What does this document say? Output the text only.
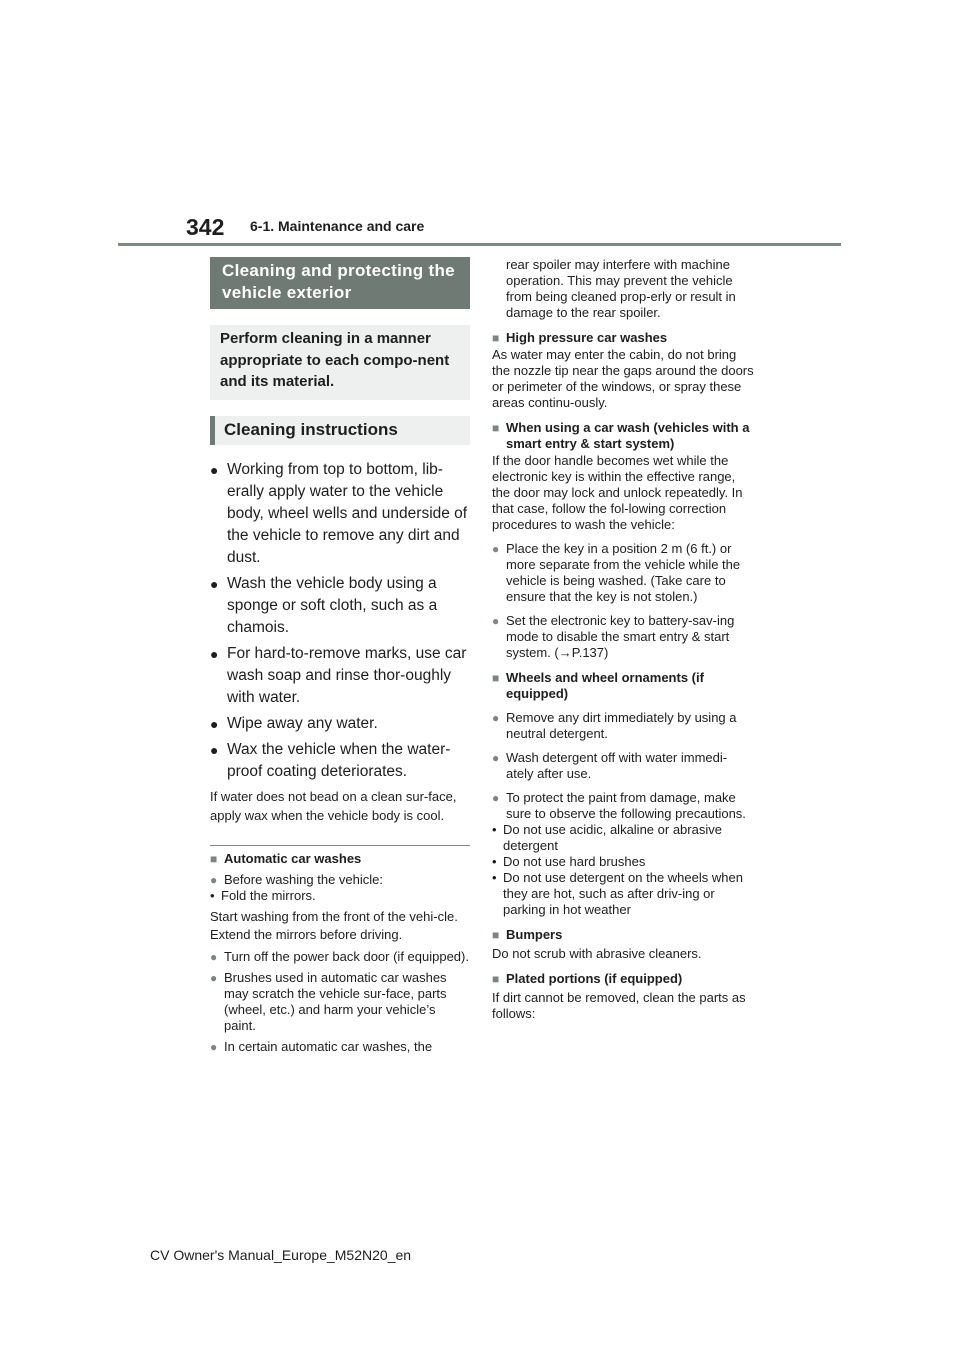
342 6-1. Maintenance and care
Cleaning and protecting the vehicle exterior
Perform cleaning in a manner appropriate to each compo-nent and its material.
Cleaning instructions
● Working from top to bottom, lib-erally apply water to the vehicle body, wheel wells and underside of the vehicle to remove any dirt and dust.
● Wash the vehicle body using a sponge or soft cloth, such as a chamois.
● For hard-to-remove marks, use car wash soap and rinse thor-oughly with water.
● Wipe away any water.
● Wax the vehicle when the water-proof coating deteriorates.
If water does not bead on a clean sur-face, apply wax when the vehicle body is cool.
■ Automatic car washes
● Before washing the vehicle:
• Fold the mirrors.
Start washing from the front of the vehi-cle. Extend the mirrors before driving.
● Turn off the power back door (if equipped).
● Brushes used in automatic car washes may scratch the vehicle sur-face, parts (wheel, etc.) and harm your vehicle’s paint.
● In certain automatic car washes, the
rear spoiler may interfere with machine operation. This may prevent the vehicle from being cleaned prop-erly or result in damage to the rear spoiler.
■ High pressure car washes
As water may enter the cabin, do not bring the nozzle tip near the gaps around the doors or perimeter of the windows, or spray these areas continu-ously.
■ When using a car wash (vehicles with a smart entry & start system)
If the door handle becomes wet while the electronic key is within the effective range, the door may lock and unlock repeatedly. In that case, follow the fol-lowing correction procedures to wash the vehicle:
● Place the key in a position 2 m (6 ft.) or more separate from the vehicle while the vehicle is being washed. (Take care to ensure that the key is not stolen.)
● Set the electronic key to battery-sav-ing mode to disable the smart entry & start system. (→P.137)
■ Wheels and wheel ornaments (if equipped)
● Remove any dirt immediately by using a neutral detergent.
● Wash detergent off with water immedi-ately after use.
● To protect the paint from damage, make sure to observe the following precautions.
• Do not use acidic, alkaline or abrasive detergent
• Do not use hard brushes
• Do not use detergent on the wheels when they are hot, such as after driv-ing or parking in hot weather
■ Bumpers
Do not scrub with abrasive cleaners.
■ Plated portions (if equipped)
If dirt cannot be removed, clean the parts as follows:
CV Owner's Manual_Europe_M52N20_en
